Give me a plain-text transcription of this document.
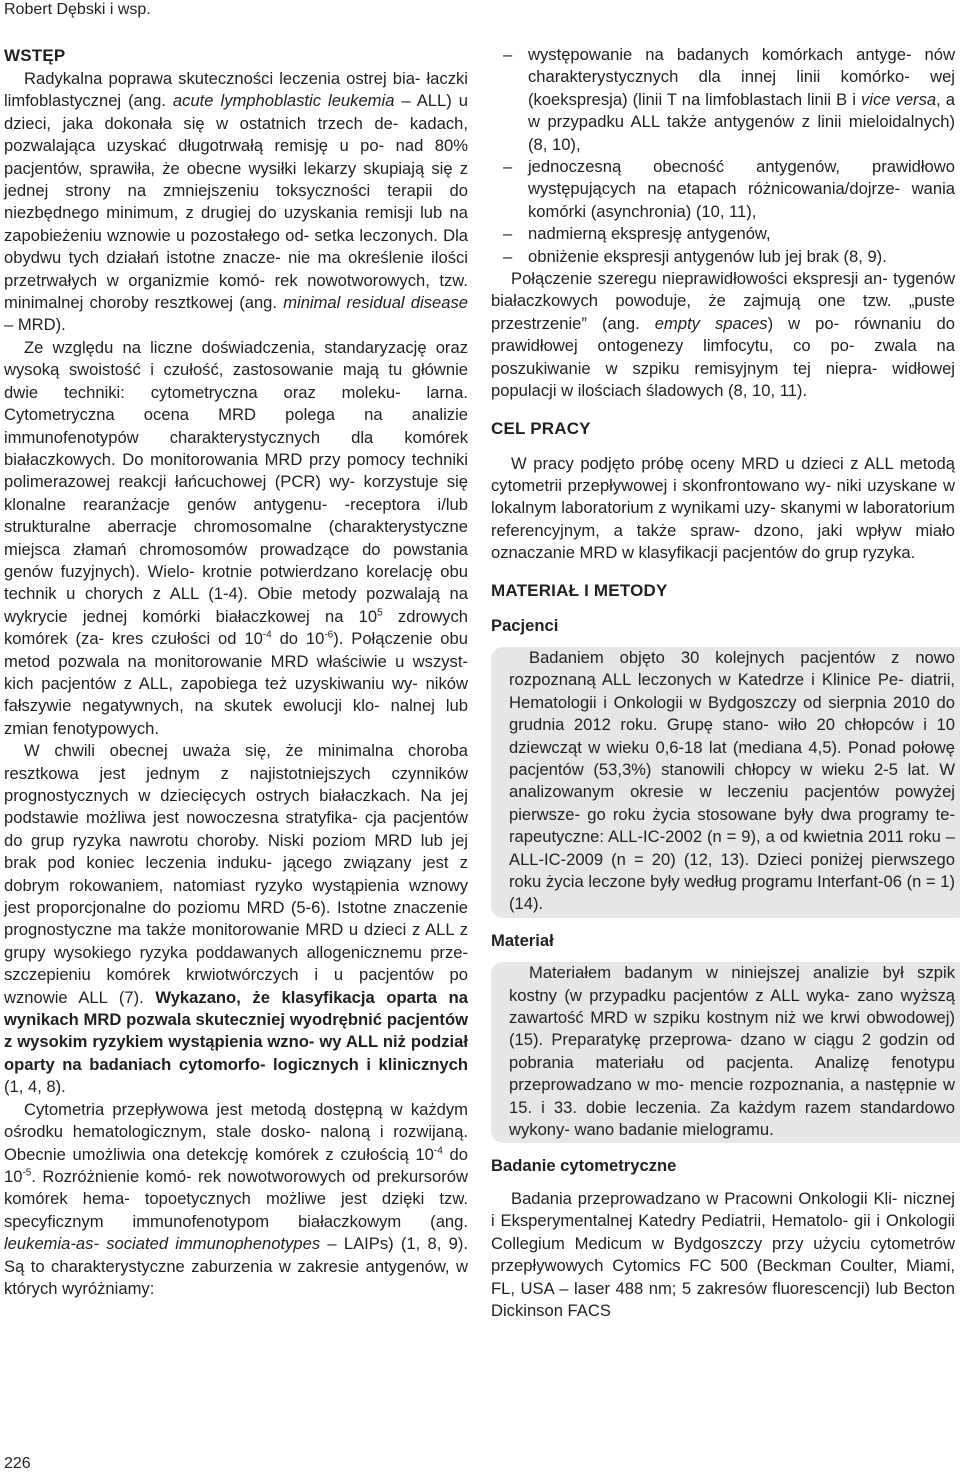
Robert Dębski i wsp.
WSTĘP

Radykalna poprawa skuteczności leczenia ostrej bia- łaczki limfoblastycznej (ang. acute lymphoblastic leukemia – ALL) u dzieci, jaka dokonała się w ostatnich trzech de- kadach, pozwalająca uzyskać długotrwałą remisję u po- nad 80% pacjentów, sprawiła, że obecne wysiłki lekarzy skupiają się z jednej strony na zmniejszeniu toksyczności terapii do niezbędnego minimum, z drugiej do uzyskania remisji lub na zapobieżeniu wznowie u pozostałego od- setka leczonych. Dla obydwu tych działań istotne znacze- nie ma określenie ilości przetrwałych w organizmie komó- rek nowotworowych, tzw. minimalnej choroby resztkowej (ang. minimal residual disease – MRD).

Ze względu na liczne doświadczenia, standaryzację oraz wysoką swoistość i czułość, zastosowanie mają tu głównie dwie techniki: cytometryczna oraz moleku- larna. Cytometryczna ocena MRD polega na analizie immunofenotypów charakterystycznych dla komórek białaczkowych. Do monitorowania MRD przy pomocy techniki polimerazowej reakcji łańcuchowej (PCR) wy- korzystuje się klonalne rearanżacje genów antygenu- -receptora i/lub strukturalne aberracje chromosomalne (charakterystyczne miejsca złamań chromosomów prowadzące do powstania genów fuzyjnych). Wielo- krotnie potwierdzano korelację obu technik u chorych z ALL (1-4). Obie metody pozwalają na wykrycie jednej komórki białaczkowej na $10^5$ zdrowych komórek (za- kres czułości od $10^{-4}$ do $10^{-6}$). Połączenie obu metod pozwala na monitorowanie MRD właściwie u wszyst- kich pacjentów z ALL, zapobiega też uzyskiwaniu wy- ników fałszywie negatywnych, na skutek ewolucji klo- nalnej lub zmian fenotypowych.

W chwili obecnej uważa się, że minimalna choroba resztkowa jest jednym z najistotniejszych czynników prognostycznych w dziecięcych ostrych białaczkach. Na jej podstawie możliwa jest nowoczesna stratyfika- cja pacjentów do grup ryzyka nawrotu choroby. Niski poziom MRD lub jej brak pod koniec leczenia induku- jącego związany jest z dobrym rokowaniem, natomiast ryzyko wystąpienia wznowy jest proporcjonalne do poziomu MRD (5-6). Istotne znaczenie prognostyczne ma także monitorowanie MRD u dzieci z ALL z grupy wysokiego ryzyka poddawanych allogenicznemu prze- szczepieniu komórek krwiotwórczych i u pacjentów po wznowie ALL (7). Wykazano, że klasyfikacja oparta na wynikach MRD pozwala skuteczniej wyodrębnić pacjentów z wysokim ryzykiem wystąpienia wzno- wy ALL niż podział oparty na badaniach cytomorfo- logicznych i klinicznych (1, 4, 8).

Cytometria przepływowa jest metodą dostępną w każdym ośrodku hematologicznym, stale dosko- naloną i rozwijaną. Obecnie umożliwia ona detekcję komórek z czułością $10^{-4}$ do $10^{-5}$. Rozróżnienie komó- rek nowotworowych od prekursorów komórek hema- topoetycznych możliwe jest dzięki tzw. specyficznym immunofenotypom białaczkowym (ang. leukemia-as- sociated immunophenotypes – LAIPs) (1, 8, 9). Są to charakterystyczne zaburzenia w zakresie antygenów, w których wyróżniamy:

– występowanie na badanych komórkach antyge- nów charakterystycznych dla innej linii komórko- wej (koekspresja) (linii T na limfoblastach linii B i vice versa, a w przypadku ALL także antygenów z linii mieloidalnych) (8, 10),
– jednoczesną obecność antygenów, prawidłowo występujących na etapach różnicowania/dojrze- wania komórki (asynchronia) (10, 11),
– nadmierną ekspresję antygenów,
– obniżenie ekspresji antygenów lub jej brak (8, 9).

Połączenie szeregu nieprawidłowości ekspresji an- tygenów białaczkowych powoduje, że zajmują one tzw. „puste przestrzenie” (ang. empty spaces) w po- równaniu do prawidłowej ontogenezy limfocytu, co po- zwala na poszukiwanie w szpiku remisyjnym tej niepra- widłowej populacji w ilościach śladowych (8, 10, 11).

CEL PRACY

W pracy podjęto próbę oceny MRD u dzieci z ALL metodą cytometrii przepływowej i skonfrontowano wy- niki uzyskane w lokalnym laboratorium z wynikami uzy- skanymi w laboratorium referencyjnym, a także spraw- dzono, jaki wpływ miało oznaczanie MRD w klasyfikacji pacjentów do grup ryzyka.

MATERIAŁ I METODY
Pacjenci

Badaniem objęto 30 kolejnych pacjentów z nowo rozpoznaną ALL leczonych w Katedrze i Klinice Pe- diatrii, Hematologii i Onkologii w Bydgoszczy od sierpnia 2010 do grudnia 2012 roku. Grupę stano- wiło 20 chłopców i 10 dziewcząt w wieku 0,6-18 lat (mediana 4,5). Ponad połowę pacjentów (53,3%) stanowili chłopcy w wieku 2-5 lat. W analizowanym okresie w leczeniu pacjentów powyżej pierwsze- go roku życia stosowane były dwa programy te- rapeutyczne: ALL-IC-2002 (n = 9), a od kwietnia 2011 roku – ALL-IC-2009 (n = 20) (12, 13). Dzieci poniżej pierwszego roku życia leczone były według programu Interfant-06 (n = 1) (14).

Materiał

Materiałem badanym w niniejszej analizie był szpik kostny (w przypadku pacjentów z ALL wyka- zano wyższą zawartość MRD w szpiku kostnym niż we krwi obwodowej) (15). Preparatykę przeprowa- dzano w ciągu 2 godzin od pobrania materiału od pacjenta. Analizę fenotypu przeprowadzano w mo- mencie rozpoznania, a następnie w 15. i 33. dobie leczenia. Za każdym razem standardowo wykony- wano badanie mielogramu.

Badanie cytometryczne

Badania przeprowadzano w Pracowni Onkologii Kli- nicznej i Eksperymentalnej Katedry Pediatrii, Hematolo- gii i Onkologii Collegium Medicum w Bydgoszczy przy użyciu cytometrów przepływowych Cytomics FC 500 (Beckman Coulter, Miami, FL, USA – laser 488 nm; 5 zakresów fluorescencji) lub Becton Dickinson FACS

226
